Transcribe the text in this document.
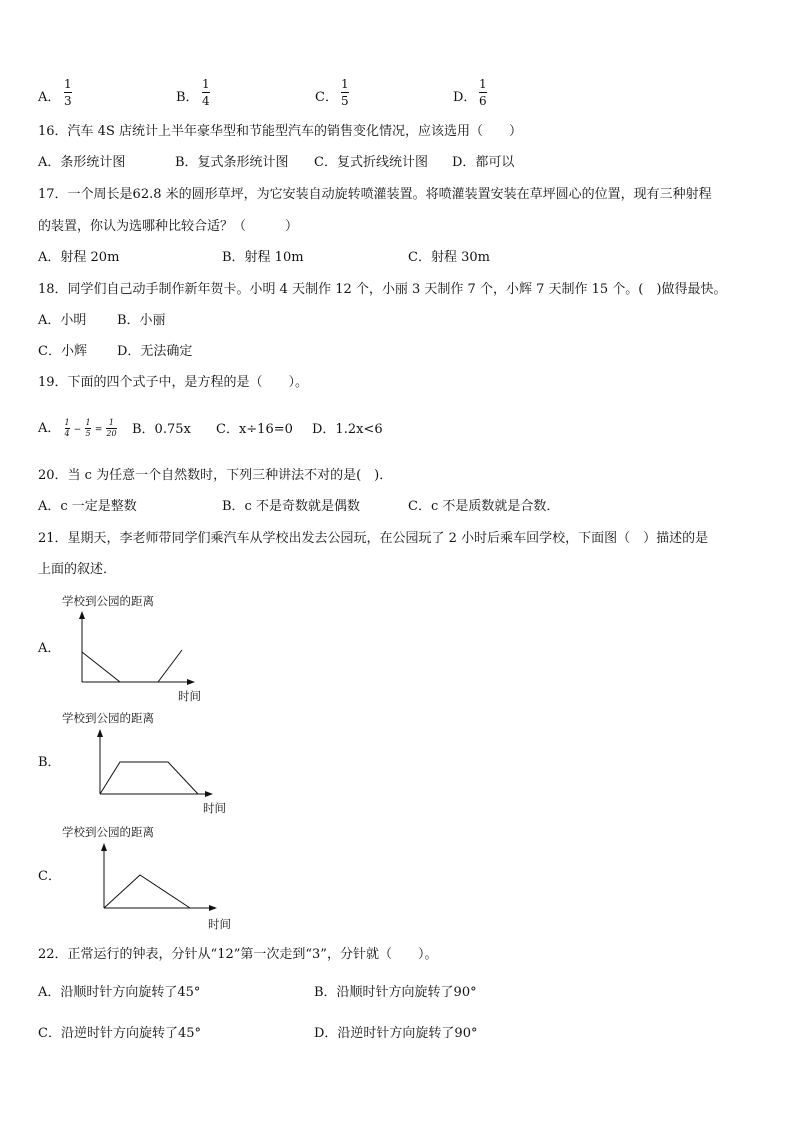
A．
1
3	B．
1
4	C．
1
5	D．
1
6
16．汽车 4S 店统计上半年豪华型和节能型汽车的销售变化情况，应该选用（　　）
A．条形统计图	B．复式条形统计图 C．复式折线统计图 D．都可以
17．一个周长是62.8 米的圆形草坪，为它安装自动旋转喷灌装置。将喷灌装置安装在草坪圆心的位置，现有三种射程
的装置，你认为选哪种比较合适？（　　　）
A．射程 20m	B．射程 10m	C．射程 30m
18．同学们自己动手制作新年贺卡。小明 4 天制作 12 个，小丽 3 天制作 7 个，小辉 7 天制作 15 个。(　)做得最快。
A．小明 B．小丽
C．小辉 D．无法确定
19．下面的四个式子中，是方程的是（　　）。
A． $\frac{1}{4} - \frac{1}{5} = \frac{1}{20}$ B．0.75x C．x÷16=0 D．1.2x<6
20．当 c 为任意一个自然数时，下列三种讲法不对的是(　)．
A．c 一定是整数	B．c 不是奇数就是偶数	C．c 不是质数就是合数．
21．星期天，李老师带同学们乘汽车从学校出发去公园玩，在公园玩了 2 小时后乘车回学校，下面图（　）描述的是
上面的叙述．
A．
学校到公园的距离
时间
B．
学校到公园的距离
时间
C．
学校到公园的距离
时间
22．正常运行的钟表，分针从“12”第一次走到“3”，分针就（　　）。
A．沿顺时针方向旋转了45°	B．沿顺时针方向旋转了90°
C．沿逆时针方向旋转了45°	D．沿逆时针方向旋转了90°
